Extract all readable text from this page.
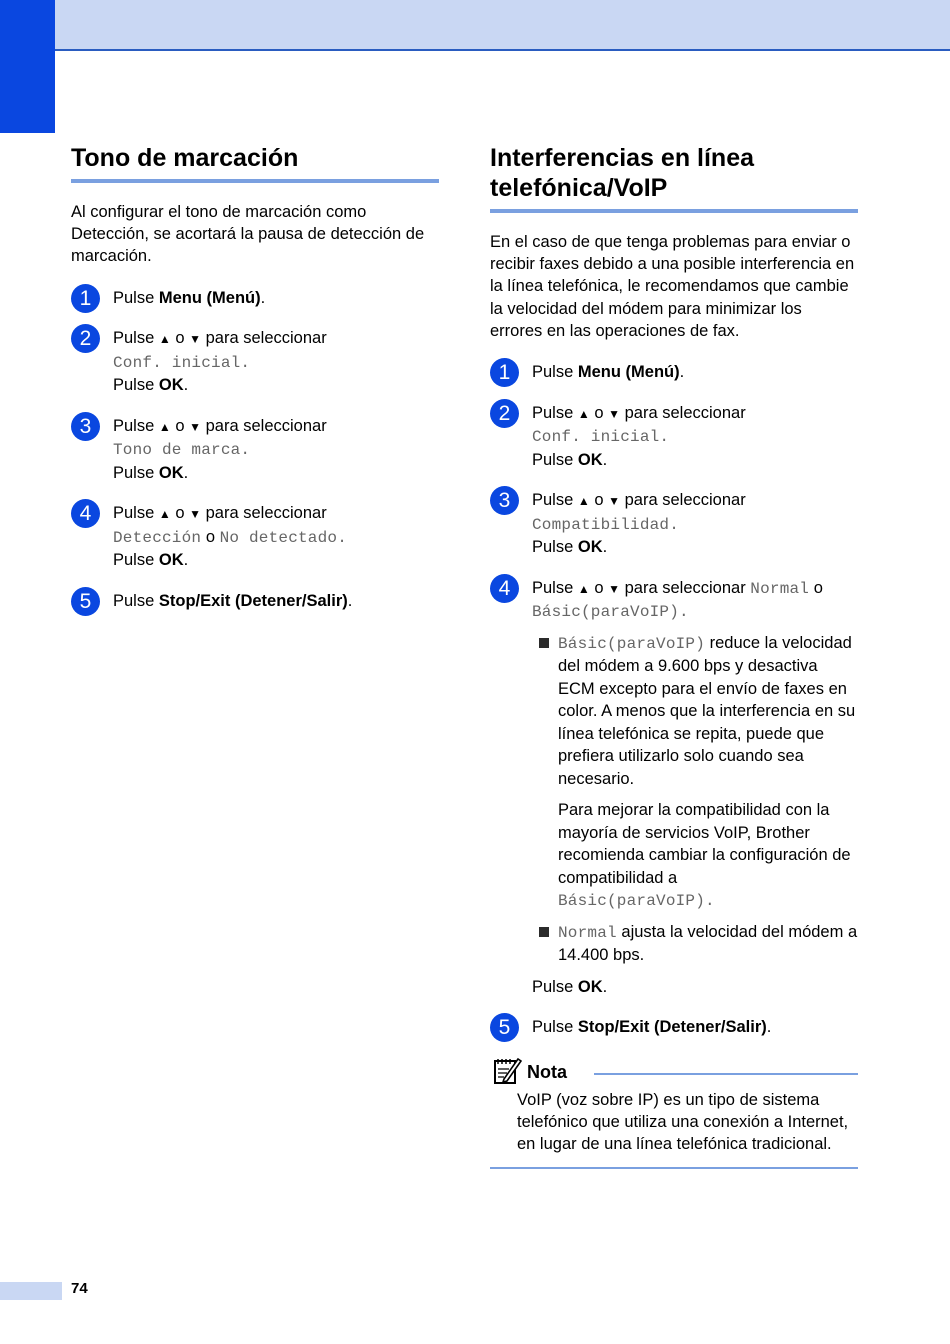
Tono de marcación

Al configurar el tono de marcación como Detección, se acortará la pausa de detección de marcación.

1	Pulse Menu (Menú).
2	Pulse ▲ o ▼ para seleccionar
Conf. inicial.
Pulse OK.
3	Pulse ▲ o ▼ para seleccionar
Tono de marca.
Pulse OK.
4	Pulse ▲ o ▼ para seleccionar
Detección o No detectado.
Pulse OK.
5	Pulse Stop/Exit (Detener/Salir).
Interferencias en línea telefónica/VoIP

En el caso de que tenga problemas para enviar o recibir faxes debido a una posible interferencia en la línea telefónica, le recomendamos que cambie la velocidad del módem para minimizar los errores en las operaciones de fax.

1	Pulse Menu (Menú).
2	Pulse ▲ o ▼ para seleccionar
Conf. inicial.
Pulse OK.
3	Pulse ▲ o ▼ para seleccionar
Compatibilidad.
Pulse OK.
4	Pulse ▲ o ▼ para seleccionar Normal o
Básic(paraVoIP).
Básic(paraVoIP) reduce la velocidad del módem a 9.600 bps y desactiva ECM excepto para el envío de faxes en color. A menos que la interferencia en su línea telefónica se repita, puede que prefiera utilizarlo solo cuando sea necesario.
Para mejorar la compatibilidad con la mayoría de servicios VoIP, Brother recomienda cambiar la configuración de compatibilidad a
Básic(paraVoIP).
Normal ajusta la velocidad del módem a 14.400 bps.
Pulse OK.
5	Pulse Stop/Exit (Detener/Salir).
Nota
VoIP (voz sobre IP) es un tipo de sistema telefónico que utiliza una conexión a Internet, en lugar de una línea telefónica tradicional.
74
